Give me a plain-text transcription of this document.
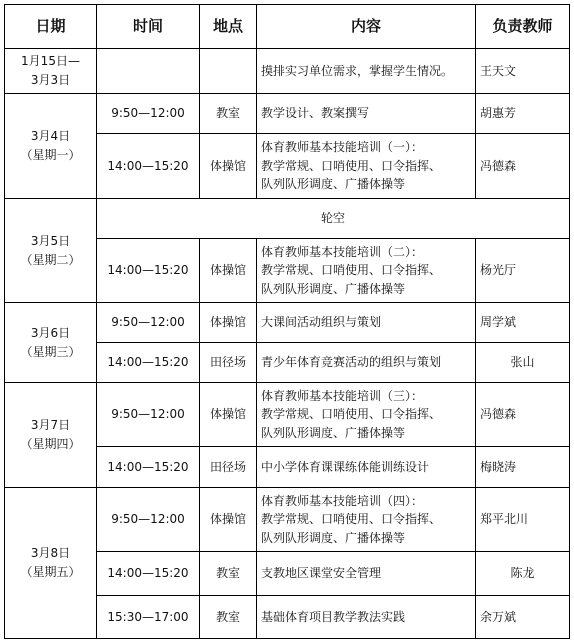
日期	时间	地点	内容	负责教师

1月15日—
3月3日			摸排实习单位需求，掌握学生情况。	王天文

3月4日
（星期一）	9:50—12:00	教室	教学设计、教案撰写	胡惠芳
	14:00—15:20	体操馆	体育教师基本技能培训（一）：
教学常规、口哨使用、口令指挥、
队列队形调度、广播体操等	冯德森

3月5日
（星期二）	轮空			
	14:00—15:20	体操馆	体育教师基本技能培训（二）：
教学常规、口哨使用、口令指挥、
队列队形调度、广播体操等	杨光厅

3月6日
（星期三）	9:50—12:00	体操馆	大课间活动组织与策划	周学斌
	14:00—15:20	田径场	青少年体育竞赛活动的组织与策划	张山

3月7日
（星期四）	9:50—12:00	体操馆	体育教师基本技能培训（三）：
教学常规、口哨使用、口令指挥、
队列队形调度、广播体操等	冯德森
	14:00—15:20	田径场	中小学体育课课练体能训练设计	梅晓涛

3月8日
（星期五）	9:50—12:00	体操馆	体育教师基本技能培训（四）：
教学常规、口哨使用、口令指挥、
队列队形调度、广播体操等	郑平北川
	14:00—15:20	教室	支教地区课堂安全管理	陈龙
	15:30—17:00	教室	基础体育项目教学教法实践	余万斌
